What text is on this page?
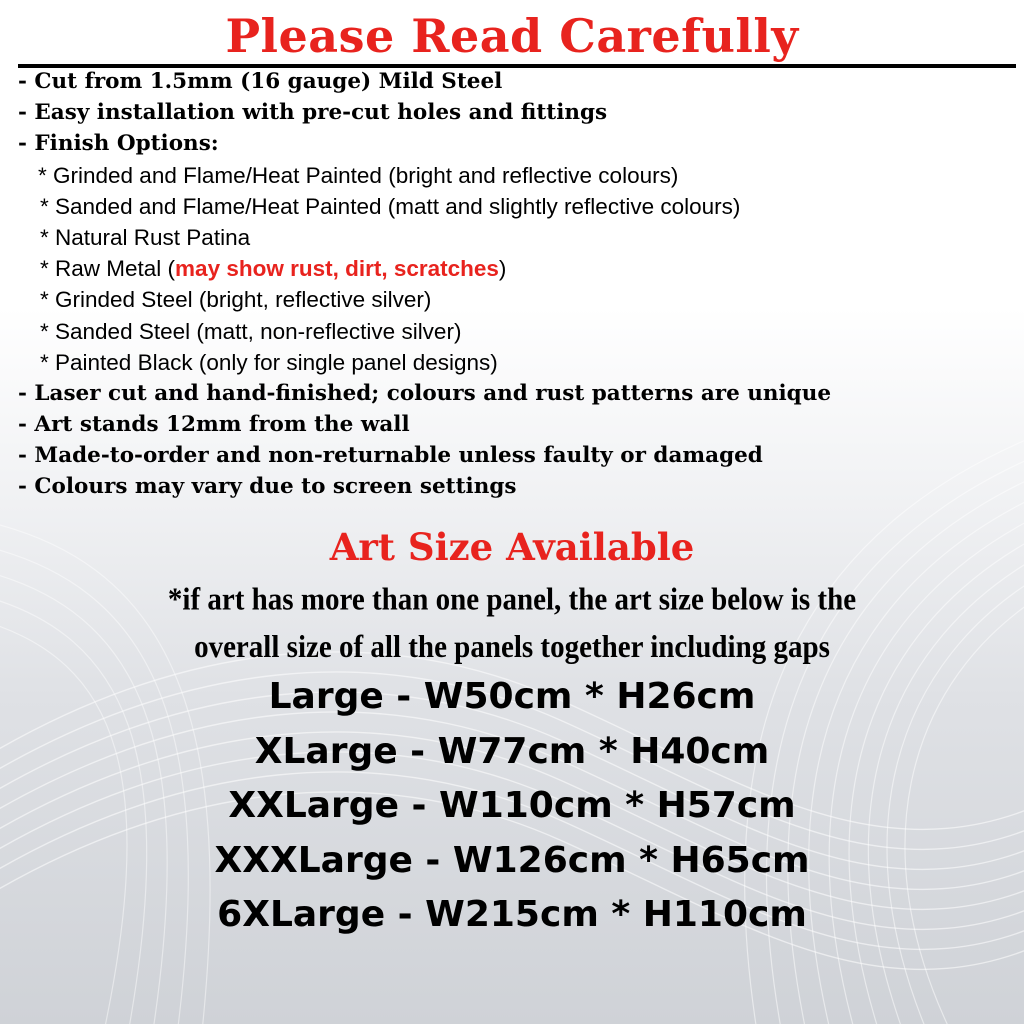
Please Read Carefully
- Cut from 1.5mm (16 gauge) Mild Steel
- Easy installation with pre-cut holes and fittings
- Finish Options:
* Grinded and Flame/Heat Painted (bright and reflective colours)
* Sanded and Flame/Heat Painted (matt and slightly reflective colours)
* Natural Rust Patina
* Raw Metal (may show rust, dirt, scratches)
* Grinded Steel (bright, reflective silver)
* Sanded Steel (matt, non-reflective silver)
* Painted Black (only for single panel designs)
- Laser cut and hand-finished; colours and rust patterns are unique
- Art stands 12mm from the wall
- Made-to-order and non-returnable unless faulty or damaged
- Colours may vary due to screen settings
Art Size Available
*if art has more than one panel, the art size below is the
overall size of all the panels together including gaps
Large - W50cm * H26cm
XLarge - W77cm * H40cm
XXLarge - W110cm * H57cm
XXXLarge - W126cm * H65cm
6XLarge - W215cm * H110cm
